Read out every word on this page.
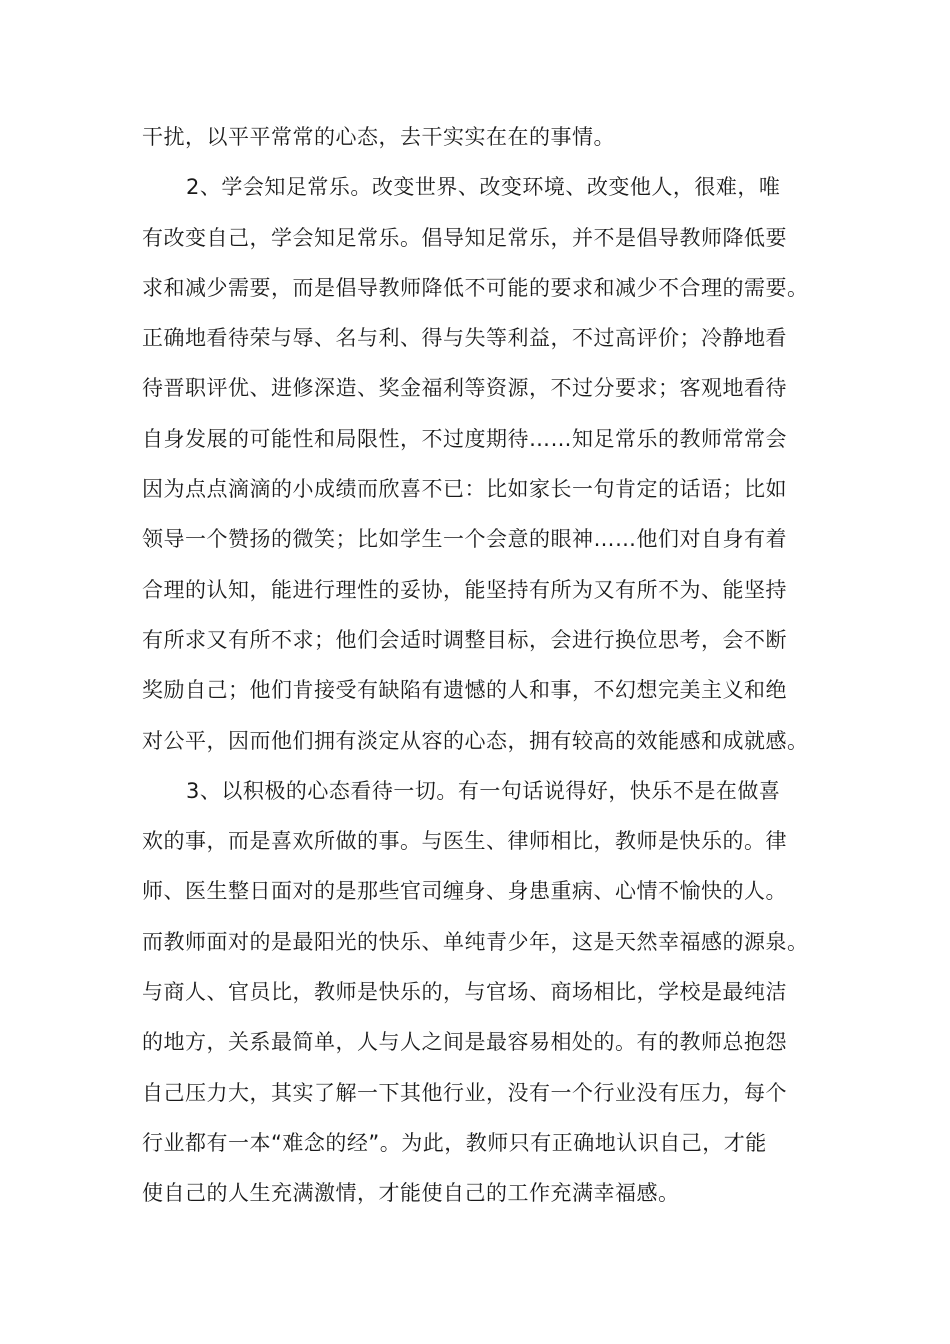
干扰，以平平常常的心态，去干实实在在的事情。
2、学会知足常乐。改变世界、改变环境、改变他人，很难，唯
有改变自己，学会知足常乐。倡导知足常乐，并不是倡导教师降低要
求和减少需要，而是倡导教师降低不可能的要求和减少不合理的需要。
正确地看待荣与辱、名与利、得与失等利益，不过高评价；冷静地看
待晋职评优、进修深造、奖金福利等资源，不过分要求；客观地看待
自身发展的可能性和局限性，不过度期待……知足常乐的教师常常会
因为点点滴滴的小成绩而欣喜不已：比如家长一句肯定的话语；比如
领导一个赞扬的微笑；比如学生一个会意的眼神……他们对自身有着
合理的认知，能进行理性的妥协，能坚持有所为又有所不为、能坚持
有所求又有所不求；他们会适时调整目标，会进行换位思考，会不断
奖励自己；他们肯接受有缺陷有遗憾的人和事，不幻想完美主义和绝
对公平，因而他们拥有淡定从容的心态，拥有较高的效能感和成就感。
3、以积极的心态看待一切。有一句话说得好，快乐不是在做喜
欢的事，而是喜欢所做的事。与医生、律师相比，教师是快乐的。律
师、医生整日面对的是那些官司缠身、身患重病、心情不愉快的人。
而教师面对的是最阳光的快乐、单纯青少年，这是天然幸福感的源泉。
与商人、官员比，教师是快乐的，与官场、商场相比，学校是最纯洁
的地方，关系最简单，人与人之间是最容易相处的。有的教师总抱怨
自己压力大，其实了解一下其他行业，没有一个行业没有压力，每个
行业都有一本“难念的经”。为此，教师只有正确地认识自己，才能
使自己的人生充满激情，才能使自己的工作充满幸福感。
